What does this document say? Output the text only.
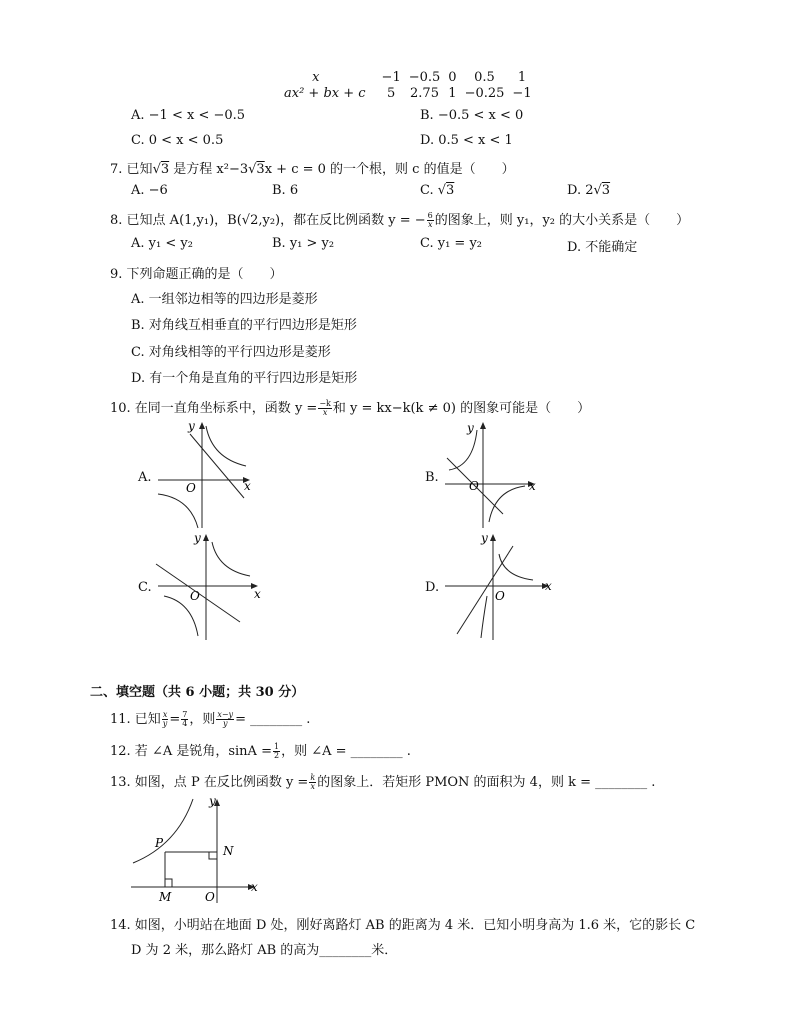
x	−1	−0.5	0	0.5	1
ax² + bx + c	5	2.75	1	−0.25	−1
A. −1 < x < −0.5	B. −0.5 < x < 0
C. 0 < x < 0.5	D. 0.5 < x < 1
7. 已知√3 是方程 x²−3√3x + c = 0 的一个根，则 c 的值是（　　）
A. −6	B. 6	C. √3	D. 2√3
8. 已知点 A(1,y₁)，B(√2,y₂)，都在反比例函数 y = − $\frac{6}{x}$ 的图象上，则 y₁，y₂ 的大小关系是（　　）
A. y₁ < y₂	B. y₁ > y₂	C. y₁ = y₂	D. 不能确定
9. 下列命题正确的是（　　）
A. 一组邻边相等的四边形是菱形
B. 对角线互相垂直的平行四边形是矩形
C. 对角线相等的平行四边形是菱形
D. 有一个角是直角的平行四边形是矩形
10. 在同一直角坐标系中，函数 $y = \frac{-k}{x}$ 和 y = kx−k(k ≠ 0) 的图象可能是（　　）
A.
x
y
O
B.
x
y
O
C.	x
y
O
D.	x
y
O
二、填空题（共 6 小题；共 30 分）
11. 已知 $\frac{x}{y} = \frac{7}{4}$ ，则 $\frac{x-y}{y}$ = ________ .
12. 若 ∠A 是锐角，$\sin A = \frac{1}{2}$ ，则 ∠A = ________ .
13. 如图，点 P 在反比例函数 $y = \frac{k}{x}$ 的图象上．若矩形 PMON 的面积为 4，则 k = ________ .
y
x
P
N
M	O
14. 如图，小明站在地面 D 处，刚好离路灯 AB 的距离为 4 米．已知小明身高为 1.6 米，它的影长 C
D 为 2 米，那么路灯 AB 的高为________米．
